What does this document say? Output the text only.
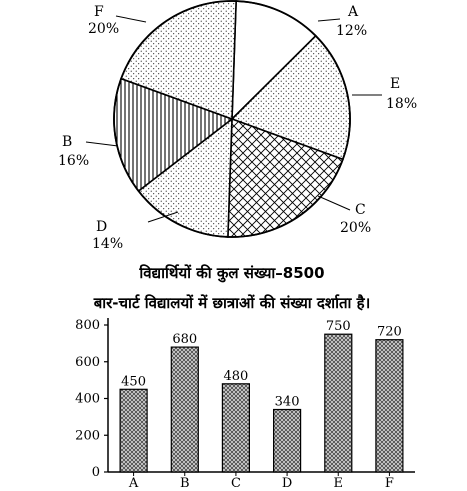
A
12%
E
18%
C
20%
D
14%
B
16%
F
20%
विद्यार्थियों की कुल संख्या–8500
बार-चार्ट विद्यालयों में छात्राओं की संख्या दर्शाता है।
0
200
400
600
800
450
A
680
B
480
C
340
D
750
E
720
F
